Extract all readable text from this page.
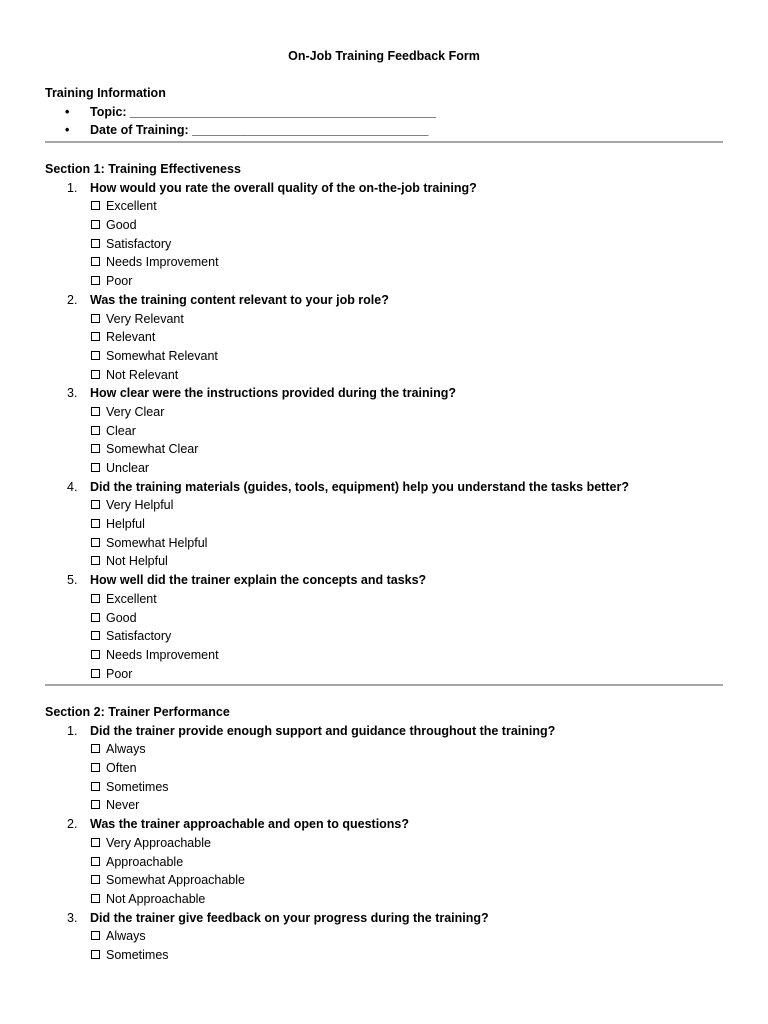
On-Job Training Feedback Form
Training Information
• Topic: ____________________________________________
• Date of Training: __________________________________
Section 1: Training Effectiveness
1. How would you rate the overall quality of the on-the-job training?
Excellent
Good
Satisfactory
Needs Improvement
Poor
2. Was the training content relevant to your job role?
Very Relevant
Relevant
Somewhat Relevant
Not Relevant
3. How clear were the instructions provided during the training?
Very Clear
Clear
Somewhat Clear
Unclear
4. Did the training materials (guides, tools, equipment) help you understand the tasks better?
Very Helpful
Helpful
Somewhat Helpful
Not Helpful
5. How well did the trainer explain the concepts and tasks?
Excellent
Good
Satisfactory
Needs Improvement
Poor
Section 2: Trainer Performance
1. Did the trainer provide enough support and guidance throughout the training?
Always
Often
Sometimes
Never
2. Was the trainer approachable and open to questions?
Very Approachable
Approachable
Somewhat Approachable
Not Approachable
3. Did the trainer give feedback on your progress during the training?
Always
Sometimes
